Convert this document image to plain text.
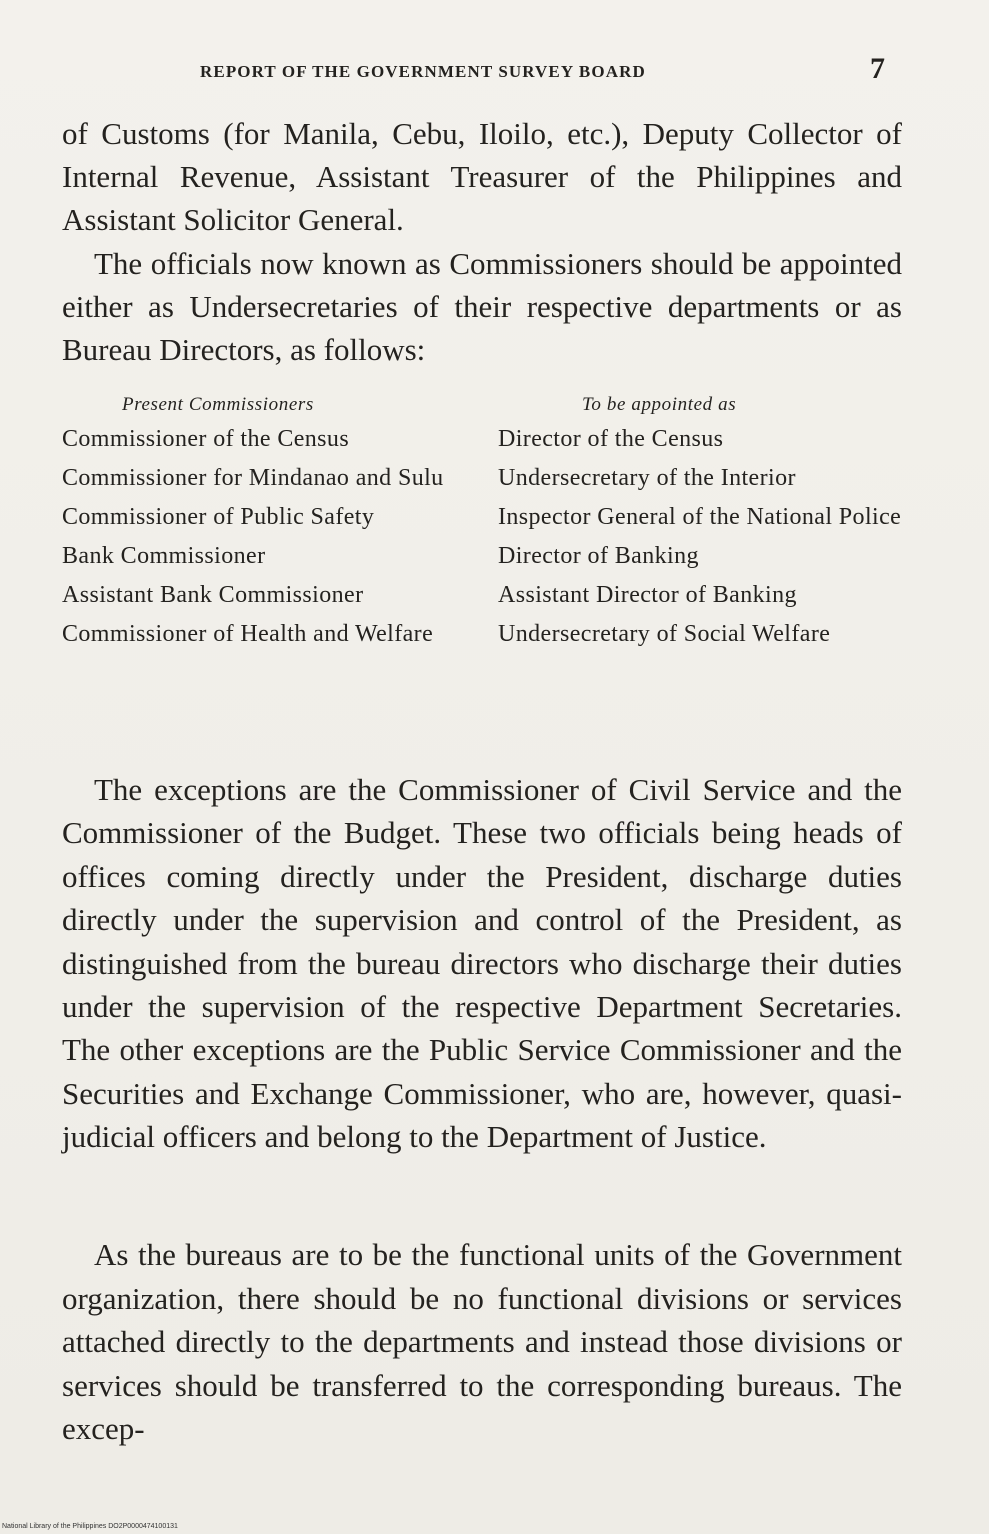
REPORT OF THE GOVERNMENT SURVEY BOARD	7

of Customs (for Manila, Cebu, Iloilo, etc.), Deputy Collector of Internal Revenue, Assistant Treasurer of the Philippines and Assistant Solicitor General.

The officials now known as Commissioners should be appointed either as Undersecretaries of their respective departments or as Bureau Directors, as follows:

Present Commissioners	To be appointed as
Commissioner of the Census	Director of the Census
Commissioner for Mindanao and Sulu	Undersecretary of the Interior
Commissioner of Public Safety	Inspector General of the National Police
Bank Commissioner	Director of Banking
Assistant Bank Commissioner	Assistant Director of Banking
Commissioner of Health and Welfare	Undersecretary of Social Welfare

The exceptions are the Commissioner of Civil Service and the Commissioner of the Budget. These two officials being heads of offices coming directly under the President, discharge duties directly under the supervision and control of the President, as distinguished from the bureau directors who discharge their duties under the supervision of the respective Department Secretaries. The other exceptions are the Public Service Commissioner and the Securities and Exchange Commissioner, who are, however, quasi-judicial officers and belong to the Department of Justice.

As the bureaus are to be the functional units of the Government organization, there should be no functional divisions or services attached directly to the departments and instead those divisions or services should be transferred to the corresponding bureaus. The excep-

National Library of the Philippines DO2P0000474100131
